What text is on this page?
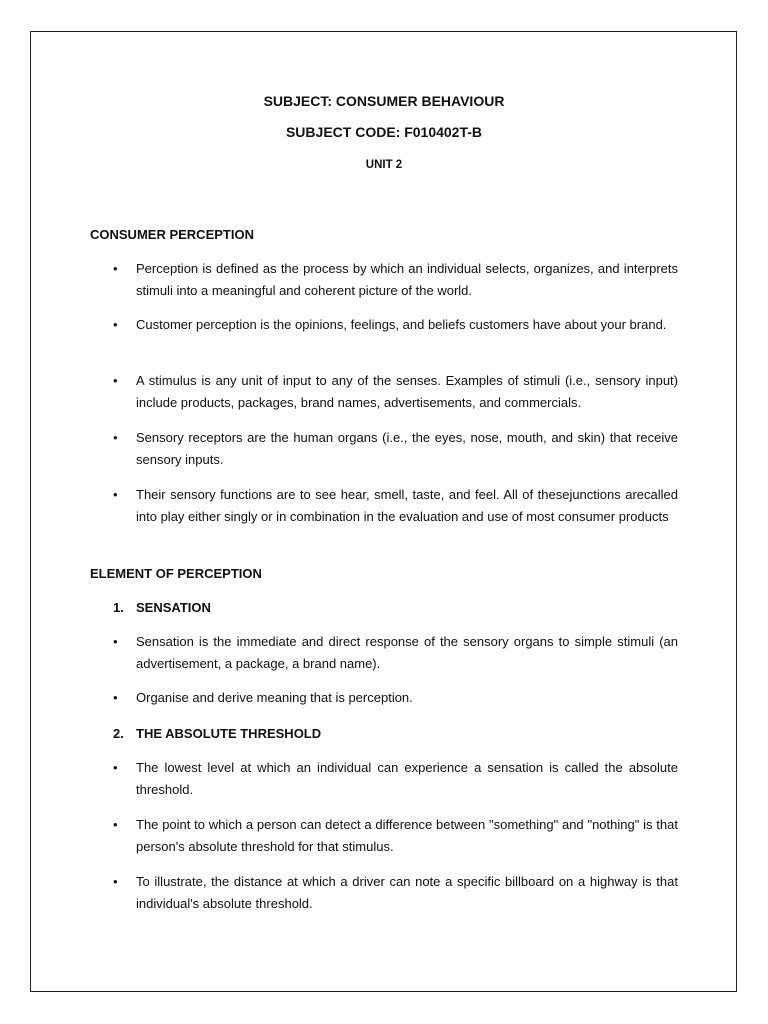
SUBJECT: CONSUMER BEHAVIOUR
SUBJECT CODE: F010402T-B
UNIT 2
CONSUMER PERCEPTION
• Perception is defined as the process by which an individual selects, organizes, and interprets stimuli into a meaningful and coherent picture of the world.
• Customer perception is the opinions, feelings, and beliefs customers have about your brand.
• A stimulus is any unit of input to any of the senses. Examples of stimuli (i.e., sensory input) include products, packages, brand names, advertisements, and commercials.
• Sensory receptors are the human organs (i.e., the eyes, nose, mouth, and skin) that receive sensory inputs.
• Their sensory functions are to see hear, smell, taste, and feel. All of thesejunctions arecalled into play either singly or in combination in the evaluation and use of most consumer products
ELEMENT OF PERCEPTION
1. SENSATION
• Sensation is the immediate and direct response of the sensory organs to simple stimuli (an advertisement, a package, a brand name).
• Organise and derive meaning that is perception.
2. THE ABSOLUTE THRESHOLD
• The lowest level at which an individual can experience a sensation is called the absolute threshold.
• The point to which a person can detect a difference between "something" and "nothing" is that person's absolute threshold for that stimulus.
• To illustrate, the distance at which a driver can note a specific billboard on a highway is that individual's absolute threshold.
